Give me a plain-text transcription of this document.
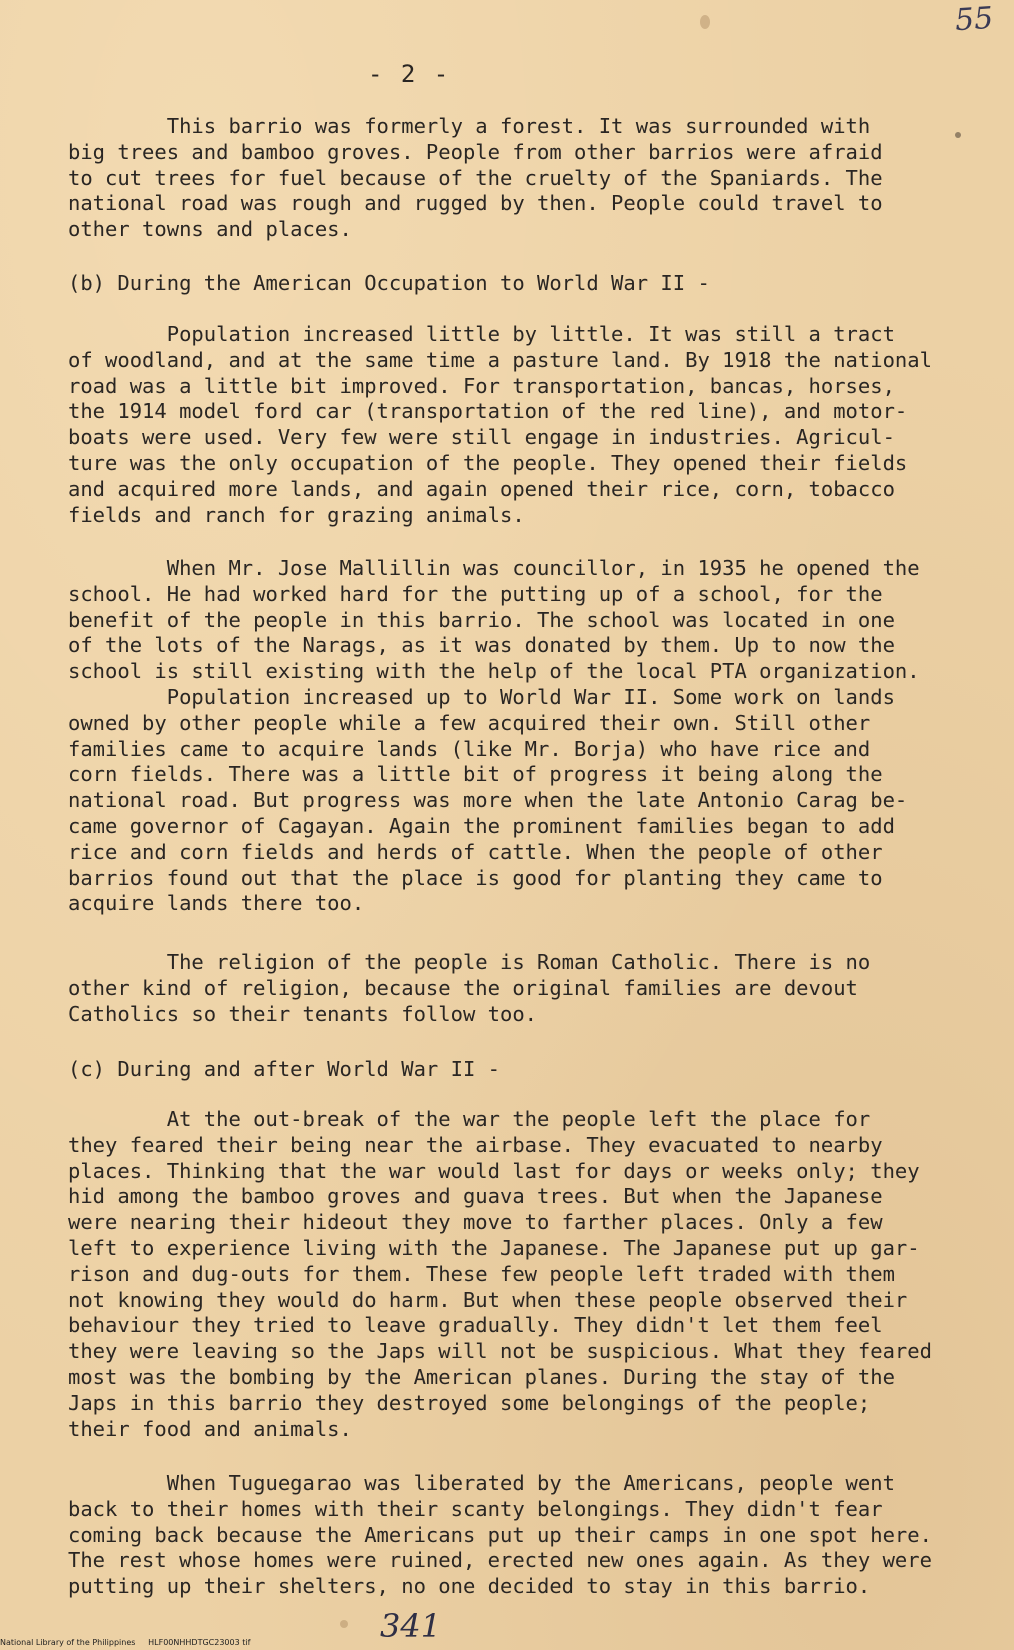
55
- 2 -
This barrio was formerly a forest. It was surrounded with
big trees and bamboo groves. People from other barrios were afraid
to cut trees for fuel because of the cruelty of the Spaniards. The
national road was rough and rugged by then. People could travel to
other towns and places.
(b) During the American Occupation to World War II -
Population increased little by little. It was still a tract
of woodland, and at the same time a pasture land. By 1918 the national
road was a little bit improved. For transportation, bancas, horses,
the 1914 model ford car (transportation of the red line), and motor-
boats were used. Very few were still engage in industries. Agricul-
ture was the only occupation of the people. They opened their fields
and acquired more lands, and again opened their rice, corn, tobacco
fields and ranch for grazing animals.
When Mr. Jose Mallillin was councillor, in 1935 he opened the
school. He had worked hard for the putting up of a school, for the
benefit of the people in this barrio. The school was located in one
of the lots of the Narags, as it was donated by them. Up to now the
school is still existing with the help of the local PTA organization.
Population increased up to World War II. Some work on lands
owned by other people while a few acquired their own. Still other
families came to acquire lands (like Mr. Borja) who have rice and
corn fields. There was a little bit of progress it being along the
national road. But progress was more when the late Antonio Carag be-
came governor of Cagayan. Again the prominent families began to add
rice and corn fields and herds of cattle. When the people of other
barrios found out that the place is good for planting they came to
acquire lands there too.
The religion of the people is Roman Catholic. There is no
other kind of religion, because the original families are devout
Catholics so their tenants follow too.
(c) During and after World War II -
At the out-break of the war the people left the place for
they feared their being near the airbase. They evacuated to nearby
places. Thinking that the war would last for days or weeks only; they
hid among the bamboo groves and guava trees. But when the Japanese
were nearing their hideout they move to farther places. Only a few
left to experience living with the Japanese. The Japanese put up gar-
rison and dug-outs for them. These few people left traded with them
not knowing they would do harm. But when these people observed their
behaviour they tried to leave gradually. They didn't let them feel
they were leaving so the Japs will not be suspicious. What they feared
most was the bombing by the American planes. During the stay of the
Japs in this barrio they destroyed some belongings of the people;
their food and animals.
When Tuguegarao was liberated by the Americans, people went
back to their homes with their scanty belongings. They didn't fear
coming back because the Americans put up their camps in one spot here.
The rest whose homes were ruined, erected new ones again. As they were
putting up their shelters, no one decided to stay in this barrio.
341
National Library of the Philippines     HLF00NHHDTGC23003 tif
